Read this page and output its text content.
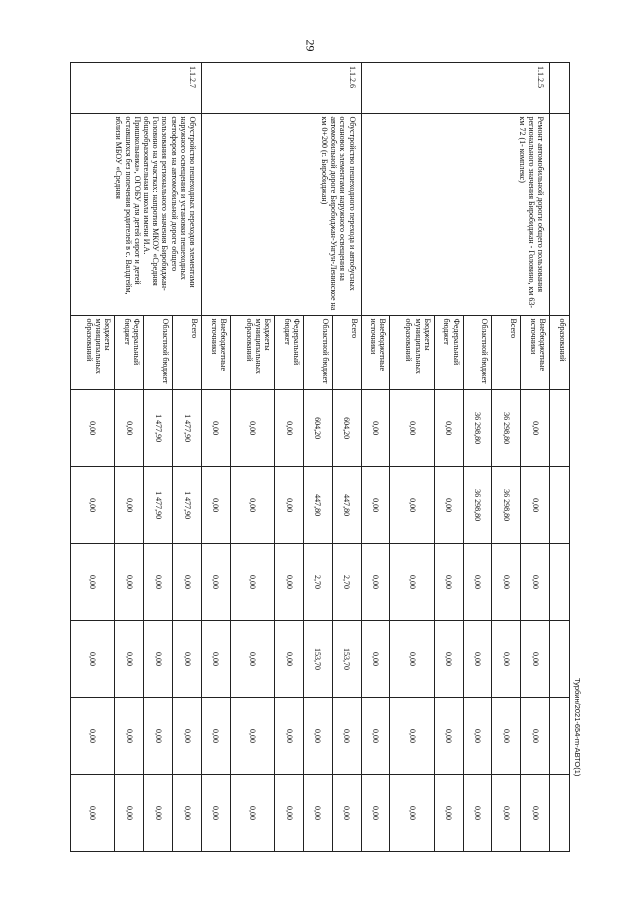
29
		образований						
1.1.2.5	Ремонт автомобильной дороги общего пользования регионального значения Биробиджан - Головино, км 63- км 72 (1- комплекс)	Внебюджетные источники	0,00	0,00	0,00	0,00	0,00	0,00
		Всего	36 298,80	36 298,80	0,00	0,00	0,00	0,00
		Областной бюджет	36 298,80	36 298,80	0,00	0,00	0,00	0,00
		Федеральный бюджет	0,00	0,00	0,00	0,00	0,00	0,00
		Бюджеты муниципальных образований	0,00	0,00	0,00	0,00	0,00	0,00
		Внебюджетные источники	0,00	0,00	0,00	0,00	0,00	0,00
1.1.2.6	Обустройство пешеходного перехода и автобусных остановок элементами наружного освещения на автомобильной дороге Биробиджан-Унгун-Ленинское на км 0+200 (г. Биробиджан)	Всего	604,20	447,80	2,70	153,70	0,00	0,00
		Областной бюджет	604,20	447,80	2,70	153,70	0,00	0,00
		Федеральный бюджет	0,00	0,00	0,00	0,00	0,00	0,00
		Бюджеты муниципальных образований	0,00	0,00	0,00	0,00	0,00	0,00
		Внебюджетные источники	0,00	0,00	0,00	0,00	0,00	0,00
1.1.2.7	Обустройство пешеходных переходов элементами наружного освещения и установки пешеходных светофоров на автомобильной дороге общего пользования регионального значения Биробиджан-Головино на участках: напротив МКОУ «Средняя общеобразовательная школа имени И.А. Пришкольника», ОГОБУ для детей сирот и детей оставшихся без попечения родителей в с. Валдгейм, вблизи МБОУ «Средняя	Всего	1 477,90	1 477,90	0,00	0,00	0,00	0,00
		Областной бюджет	1 477,90	1 477,90	0,00	0,00	0,00	0,00
		Федеральный бюджет	0,00	0,00	0,00	0,00	0,00	0,00
		Бюджеты муниципальных образований	0,00	0,00	0,00	0,00	0,00	0,00
Турбин/2021-654-m-АВТО(1)
